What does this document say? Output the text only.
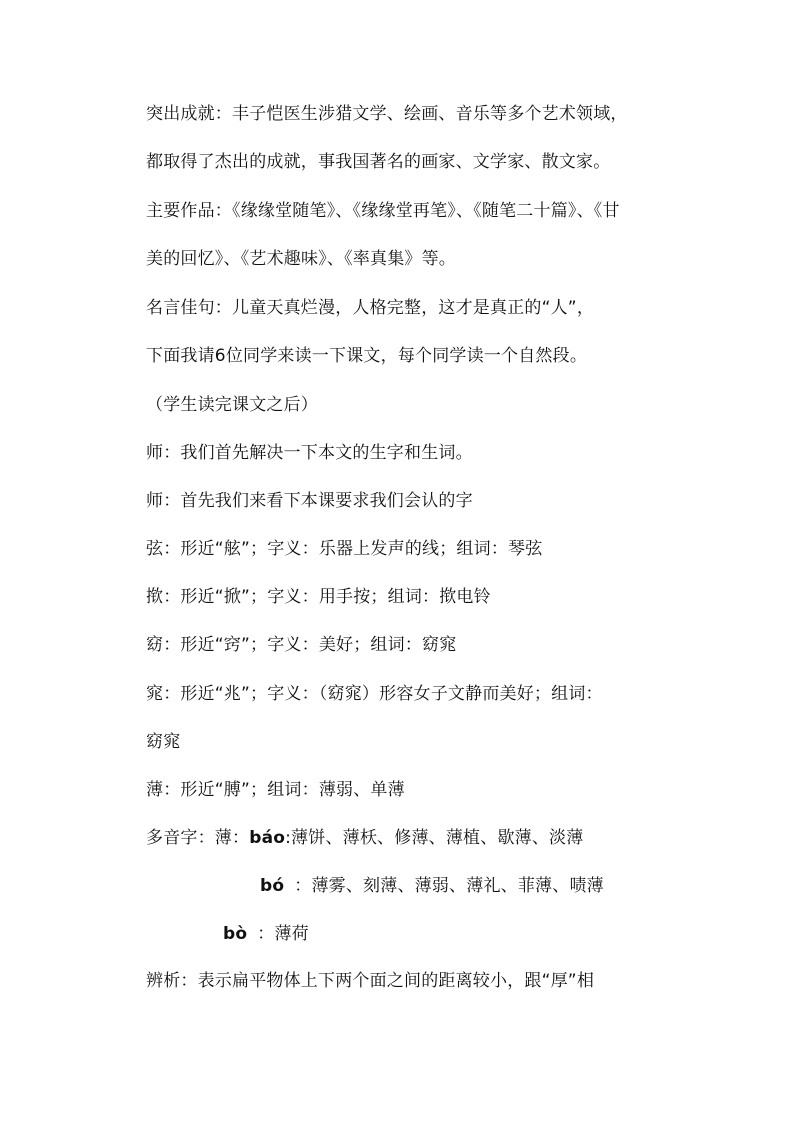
突出成就：丰子恺医生涉猎文学、绘画、音乐等多个艺术领域，
都取得了杰出的成就，事我国著名的画家、文学家、散文家。
主要作品：《缘缘堂随笔》、《缘缘堂再笔》、《随笔二十篇》、《甘
美的回忆》、《艺术趣味》、《率真集》等。
名言佳句：儿童天真烂漫，人格完整，这才是真正的“人”，
下面我请6位同学来读一下课文，每个同学读一个自然段。
（学生读完课文之后）
师：我们首先解决一下本文的生字和生词。
师：首先我们来看下本课要求我们会认的字
弦：形近“舷”；字义：乐器上发声的线；组词：琴弦
揿：形近“掀”；字义：用手按；组词：揿电铃
窈：形近“窍”；字义：美好；组词：窈窕
窕：形近“兆”；字义：（窈窕）形容女子文静而美好；组词：
窈窕
薄：形近“膊”；组词：薄弱、单薄
多音字：薄：báo:薄饼、薄枖、修薄、薄植、歇薄、淡薄
bó ：薄雾、刻薄、薄弱、薄礼、菲薄、啧薄
bò ：薄荷
辨析：表示扁平物体上下两个面之间的距离较小，跟“厚”相
